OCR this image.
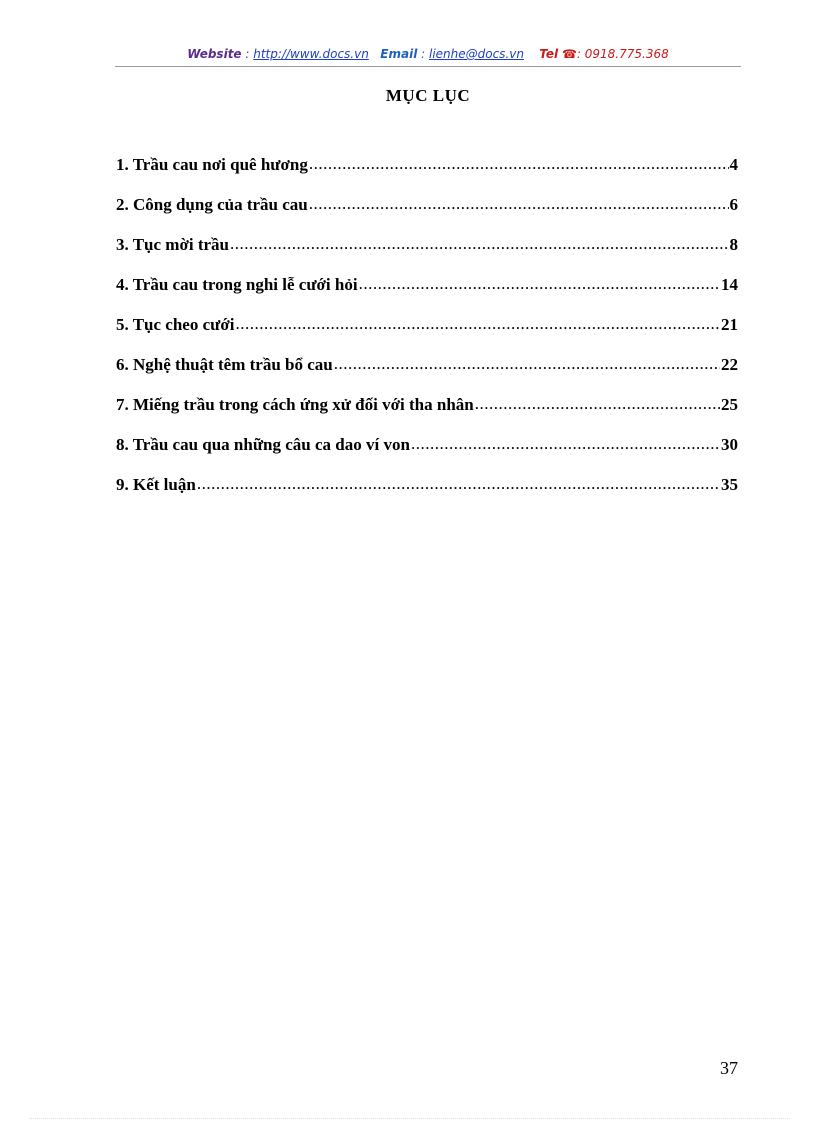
Website : http://www.docs.vn Email : lienhe@docs.vn Tel ☎: 0918.775.368
MỤC LỤC
1. Trầu cau nơi quê hương .....	4
2. Công dụng của trầu cau .....	6
3. Tục mời trầu .....	8
4. Trầu cau trong nghi lễ cưới hỏi .....	14
5. Tục cheo cưới .....	21
6. Nghệ thuật têm trầu bổ cau .....	22
7. Miếng trầu trong cách ứng xử đối với tha nhân .....	25
8. Trầu cau qua những câu ca dao ví von .....	30
9. Kết luận .....	35
37
